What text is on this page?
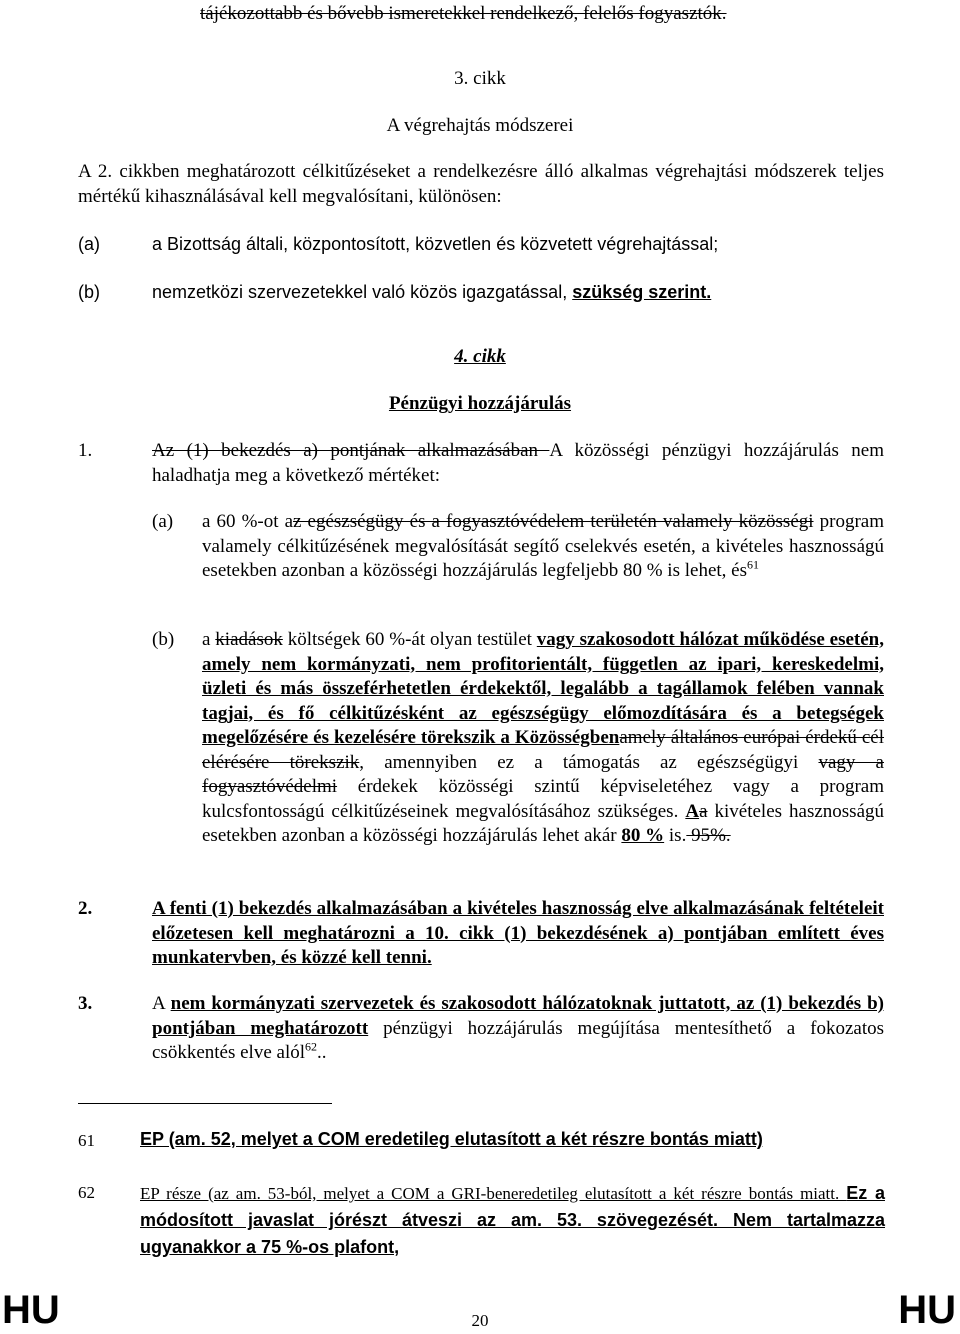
tájékozottabb és bővebb ismeretekkel rendelkező, felelős fogyasztók.
3. cikk
A végrehajtás módszerei
A 2. cikkben meghatározott célkitűzéseket a rendelkezésre álló alkalmas végrehajtási módszerek teljes mértékű kihasználásával kell megvalósítani, különösen:
(a)	a Bizottság általi, központosított, közvetlen és közvetett végrehajtással;
(b)	nemzetközi szervezetekkel való közös igazgatással, szükség szerint.
4. cikk
Pénzügyi hozzájárulás
1.	Az (1) bekezdés a) pontjának alkalmazásában A közösségi pénzügyi hozzájárulás nem haladhatja meg a következő mértéket:
(a) a 60 %-ot az egészségügy és a fogyasztóvédelem területén valamely közösségi program valamely célkitűzésének megvalósítását segítő cselekvés esetén, a kivételes hasznosságú esetekben azonban a közösségi hozzájárulás legfeljebb 80 % is lehet, $és^{61}$
(b) a kiadások költségek 60 %-át olyan testület vagy szakosodott hálózat működése esetén, amely nem kormányzati, nem profitorientált, független az ipari, kereskedelmi, üzleti és más összeférhetetlen érdekektől, legalább a tagállamok felében vannak tagjai, és fő célkitűzésként az egészségügy előmozdítására és a betegségek megelőzésére és kezelésére törekszik a Közösségbenamely általános európai érdekű cél elérésére törekszik, amennyiben ez a támogatás az egészségügyi vagy a fogyasztóvédelmi érdekek közösségi szintű képviseletéhez vagy a program kulcsfontosságú célkitűzéseinek megvalósításához szükséges. Aa kivételes hasznosságú esetekben azonban a közösségi hozzájárulás lehet akár 80 % is. 95%.
2.	A fenti (1) bekezdés alkalmazásában a kivételes hasznosság elve alkalmazásának feltételeit előzetesen kell meghatározni a 10. cikk (1) bekezdésének a) pontjában említett éves munkatervben, és közzé kell tenni.
3.	A nem kormányzati szervezetek és szakosodott hálózatoknak juttatott, az (1) bekezdés b) pontjában meghatározott pénzügyi hozzájárulás megújítása mentesíthető a fokozatos csökkentés elve alól$^{62}$..
61	EP (am. 52, melyet a COM eredetileg elutasított a két részre bontás miatt)
62	EP része (az am. 53-ból, melyet a COM a GRI-beneredetileg elutasított a két részre bontás miatt. Ez a módosított javaslat jórészt átveszi az am. 53. szövegezését. Nem tartalmazza ugyanakkor a 75 %-os plafont,
HU	20	HU
